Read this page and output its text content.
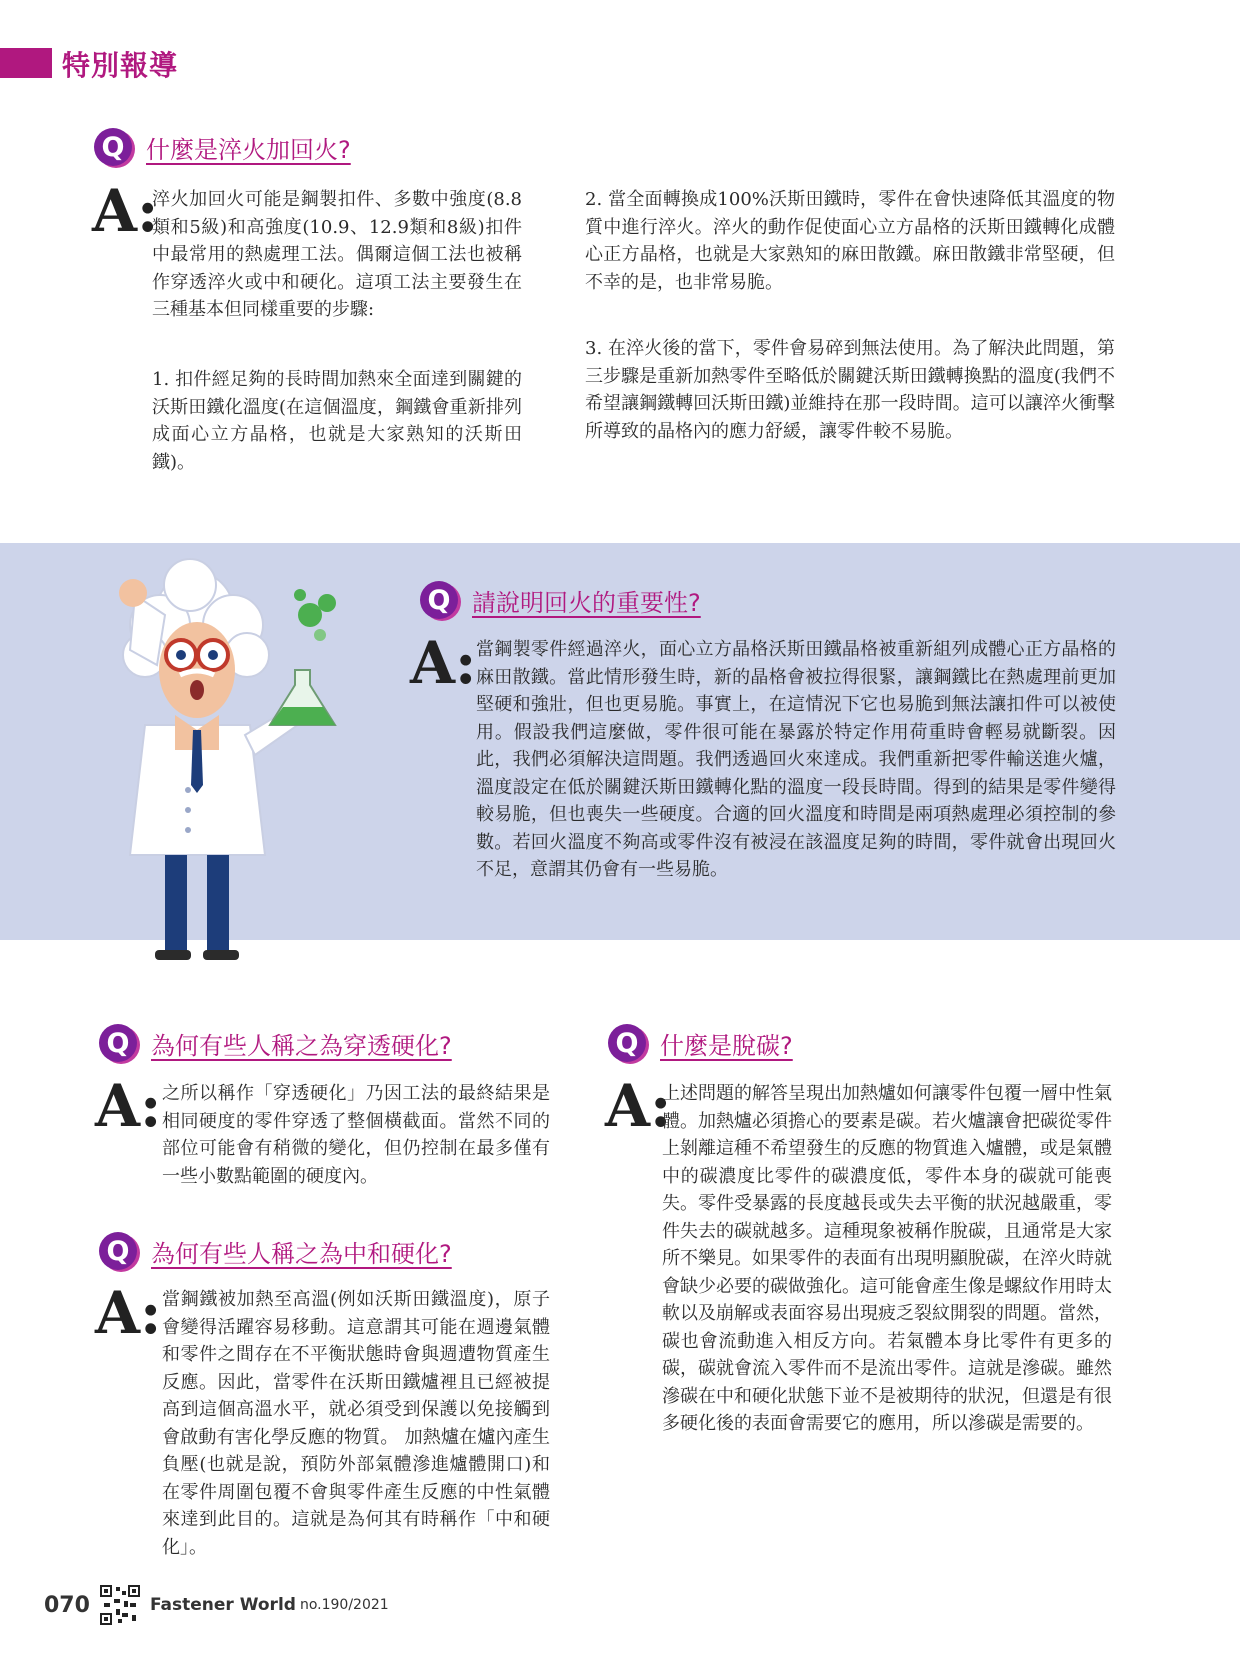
特別報導
Q 什麼是淬火加回火?
A:
淬火加回火可能是鋼製扣件、多數中強度(8.8類和5級)和高強度(10.9、12.9類和8級)扣件中最常用的熱處理工法。偶爾這個工法也被稱作穿透淬火或中和硬化。這項工法主要發生在三種基本但同樣重要的步驟:
1. 扣件經足夠的長時間加熱來全面達到關鍵的沃斯田鐵化溫度(在這個溫度，鋼鐵會重新排列成面心立方晶格，也就是大家熟知的沃斯田鐵)。
2. 當全面轉換成100%沃斯田鐵時，零件在會快速降低其溫度的物質中進行淬火。淬火的動作促使面心立方晶格的沃斯田鐵轉化成體心正方晶格，也就是大家熟知的麻田散鐵。麻田散鐵非常堅硬，但不幸的是，也非常易脆。
3. 在淬火後的當下，零件會易碎到無法使用。為了解決此問題，第三步驟是重新加熱零件至略低於關鍵沃斯田鐵轉換點的溫度(我們不希望讓鋼鐵轉回沃斯田鐵)並維持在那一段時間。這可以讓淬火衝擊所導致的晶格內的應力舒緩，讓零件較不易脆。
Q 請說明回火的重要性?
A: 當鋼製零件經過淬火，面心立方晶格沃斯田鐵晶格被重新組列成體心正方晶格的麻田散鐵。當此情形發生時，新的晶格會被拉得很緊，讓鋼鐵比在熱處理前更加堅硬和強壯，但也更易脆。事實上，在這情況下它也易脆到無法讓扣件可以被使用。假設我們這麼做，零件很可能在暴露於特定作用荷重時會輕易就斷裂。因此，我們必須解決這問題。我們透過回火來達成。我們重新把零件輸送進火爐，溫度設定在低於關鍵沃斯田鐵轉化點的溫度一段長時間。得到的結果是零件變得較易脆，但也喪失一些硬度。合適的回火溫度和時間是兩項熱處理必須控制的參數。若回火溫度不夠高或零件沒有被浸在該溫度足夠的時間，零件就會出現回火不足，意謂其仍會有一些易脆。
Q 為何有些人稱之為穿透硬化?
A: 之所以稱作「穿透硬化」乃因工法的最終結果是相同硬度的零件穿透了整個橫截面。當然不同的部位可能會有稍微的變化，但仍控制在最多僅有一些小數點範圍的硬度內。
Q 為何有些人稱之為中和硬化?
A: 當鋼鐵被加熱至高溫(例如沃斯田鐵溫度)，原子會變得活躍容易移動。這意謂其可能在週邊氣體和零件之間存在不平衡狀態時會與週遭物質產生反應。因此，當零件在沃斯田鐵爐裡且已經被提高到這個高溫水平，就必須受到保護以免接觸到會啟動有害化學反應的物質。 加熱爐在爐內產生負壓(也就是說，預防外部氣體滲進爐體開口)和在零件周圍包覆不會與零件產生反應的中性氣體來達到此目的。這就是為何其有時稱作「中和硬化」。
Q 什麼是脫碳?
A:
上述問題的解答呈現出加熱爐如何讓零件包覆一層中性氣體。加熱爐必須擔心的要素是碳。若火爐讓會把碳從零件上剝離這種不希望發生的反應的物質進入爐體，或是氣體中的碳濃度比零件的碳濃度低，零件本身的碳就可能喪失。零件受暴露的長度越長或失去平衡的狀況越嚴重，零件失去的碳就越多。這種現象被稱作脫碳，且通常是大家所不樂見。如果零件的表面有出現明顯脫碳，在淬火時就會缺少必要的碳做強化。這可能會產生像是螺紋作用時太軟以及崩解或表面容易出現疲乏裂紋開裂的問題。當然，碳也會流動進入相反方向。若氣體本身比零件有更多的碳，碳就會流入零件而不是流出零件。這就是滲碳。雖然滲碳在中和硬化狀態下並不是被期待的狀況，但還是有很多硬化後的表面會需要它的應用，所以滲碳是需要的。
070	Fastener World no.190/2021
